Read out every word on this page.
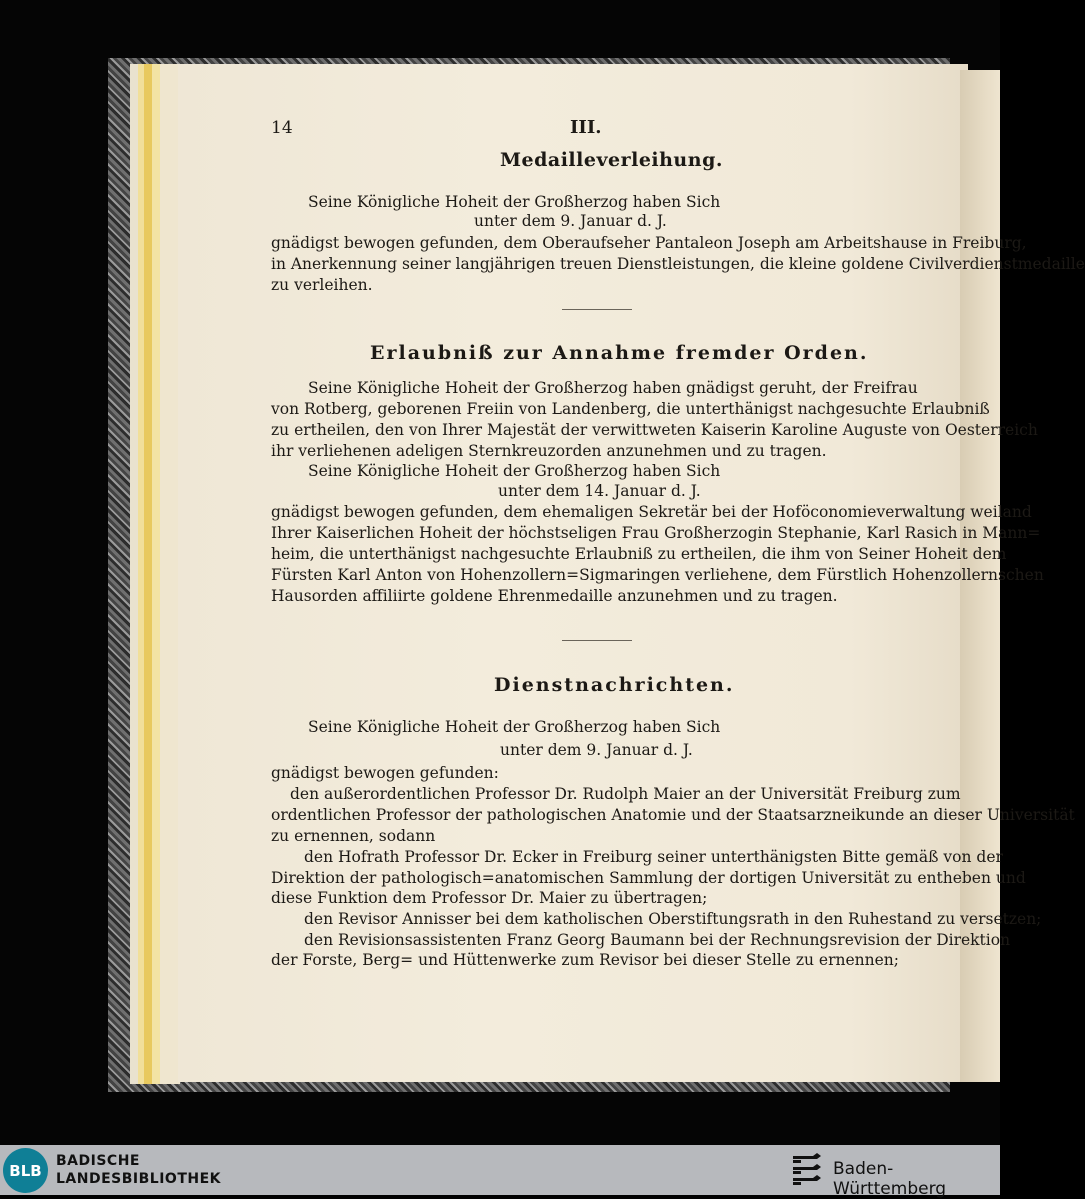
14	III.
Medailleverleihung.
Seine Königliche Hoheit der Großherzog haben Sich
unter dem 9. Januar d. J.
gnädigst bewogen gefunden, dem Oberaufseher Pantaleon Joseph am Arbeitshause in Freiburg,
in Anerkennung seiner langjährigen treuen Dienstleistungen, die kleine goldene Civilverdienstmedaille
zu verleihen.
Erlaubniß zur Annahme fremder Orden.
Seine Königliche Hoheit der Großherzog haben gnädigst geruht, der Freifrau
von Rotberg, geborenen Freiin von Landenberg, die unterthänigst nachgesuchte Erlaubniß
zu ertheilen, den von Ihrer Majestät der verwittweten Kaiserin Karoline Auguste von Oesterreich
ihr verliehenen adeligen Sternkreuzorden anzunehmen und zu tragen.
Seine Königliche Hoheit der Großherzog haben Sich
unter dem 14. Januar d. J.
gnädigst bewogen gefunden, dem ehemaligen Sekretär bei der Hoföconomieverwaltung weiland
Ihrer Kaiserlichen Hoheit der höchstseligen Frau Großherzogin Stephanie, Karl Rasich in Mann=
heim, die unterthänigst nachgesuchte Erlaubniß zu ertheilen, die ihm von Seiner Hoheit dem
Fürsten Karl Anton von Hohenzollern=Sigmaringen verliehene, dem Fürstlich Hohenzollernschen
Hausorden affiliirte goldene Ehrenmedaille anzunehmen und zu tragen.
Dienstnachrichten.
Seine Königliche Hoheit der Großherzog haben Sich
unter dem 9. Januar d. J.
gnädigst bewogen gefunden:
den außerordentlichen Professor Dr. Rudolph Maier an der Universität Freiburg zum
ordentlichen Professor der pathologischen Anatomie und der Staatsarzneikunde an dieser Universität
zu ernennen, sodann
den Hofrath Professor Dr. Ecker in Freiburg seiner unterthänigsten Bitte gemäß von der
Direktion der pathologisch=anatomischen Sammlung der dortigen Universität zu entheben und
diese Funktion dem Professor Dr. Maier zu übertragen;
den Revisor Annisser bei dem katholischen Oberstiftungsrath in den Ruhestand zu versetzen;
den Revisionsassistenten Franz Georg Baumann bei der Rechnungsrevision der Direktion
der Forste, Berg= und Hüttenwerke zum Revisor bei dieser Stelle zu ernennen;
BLB
BADISCHE
LANDESBIBLIOTHEK	Baden-Württemberg
